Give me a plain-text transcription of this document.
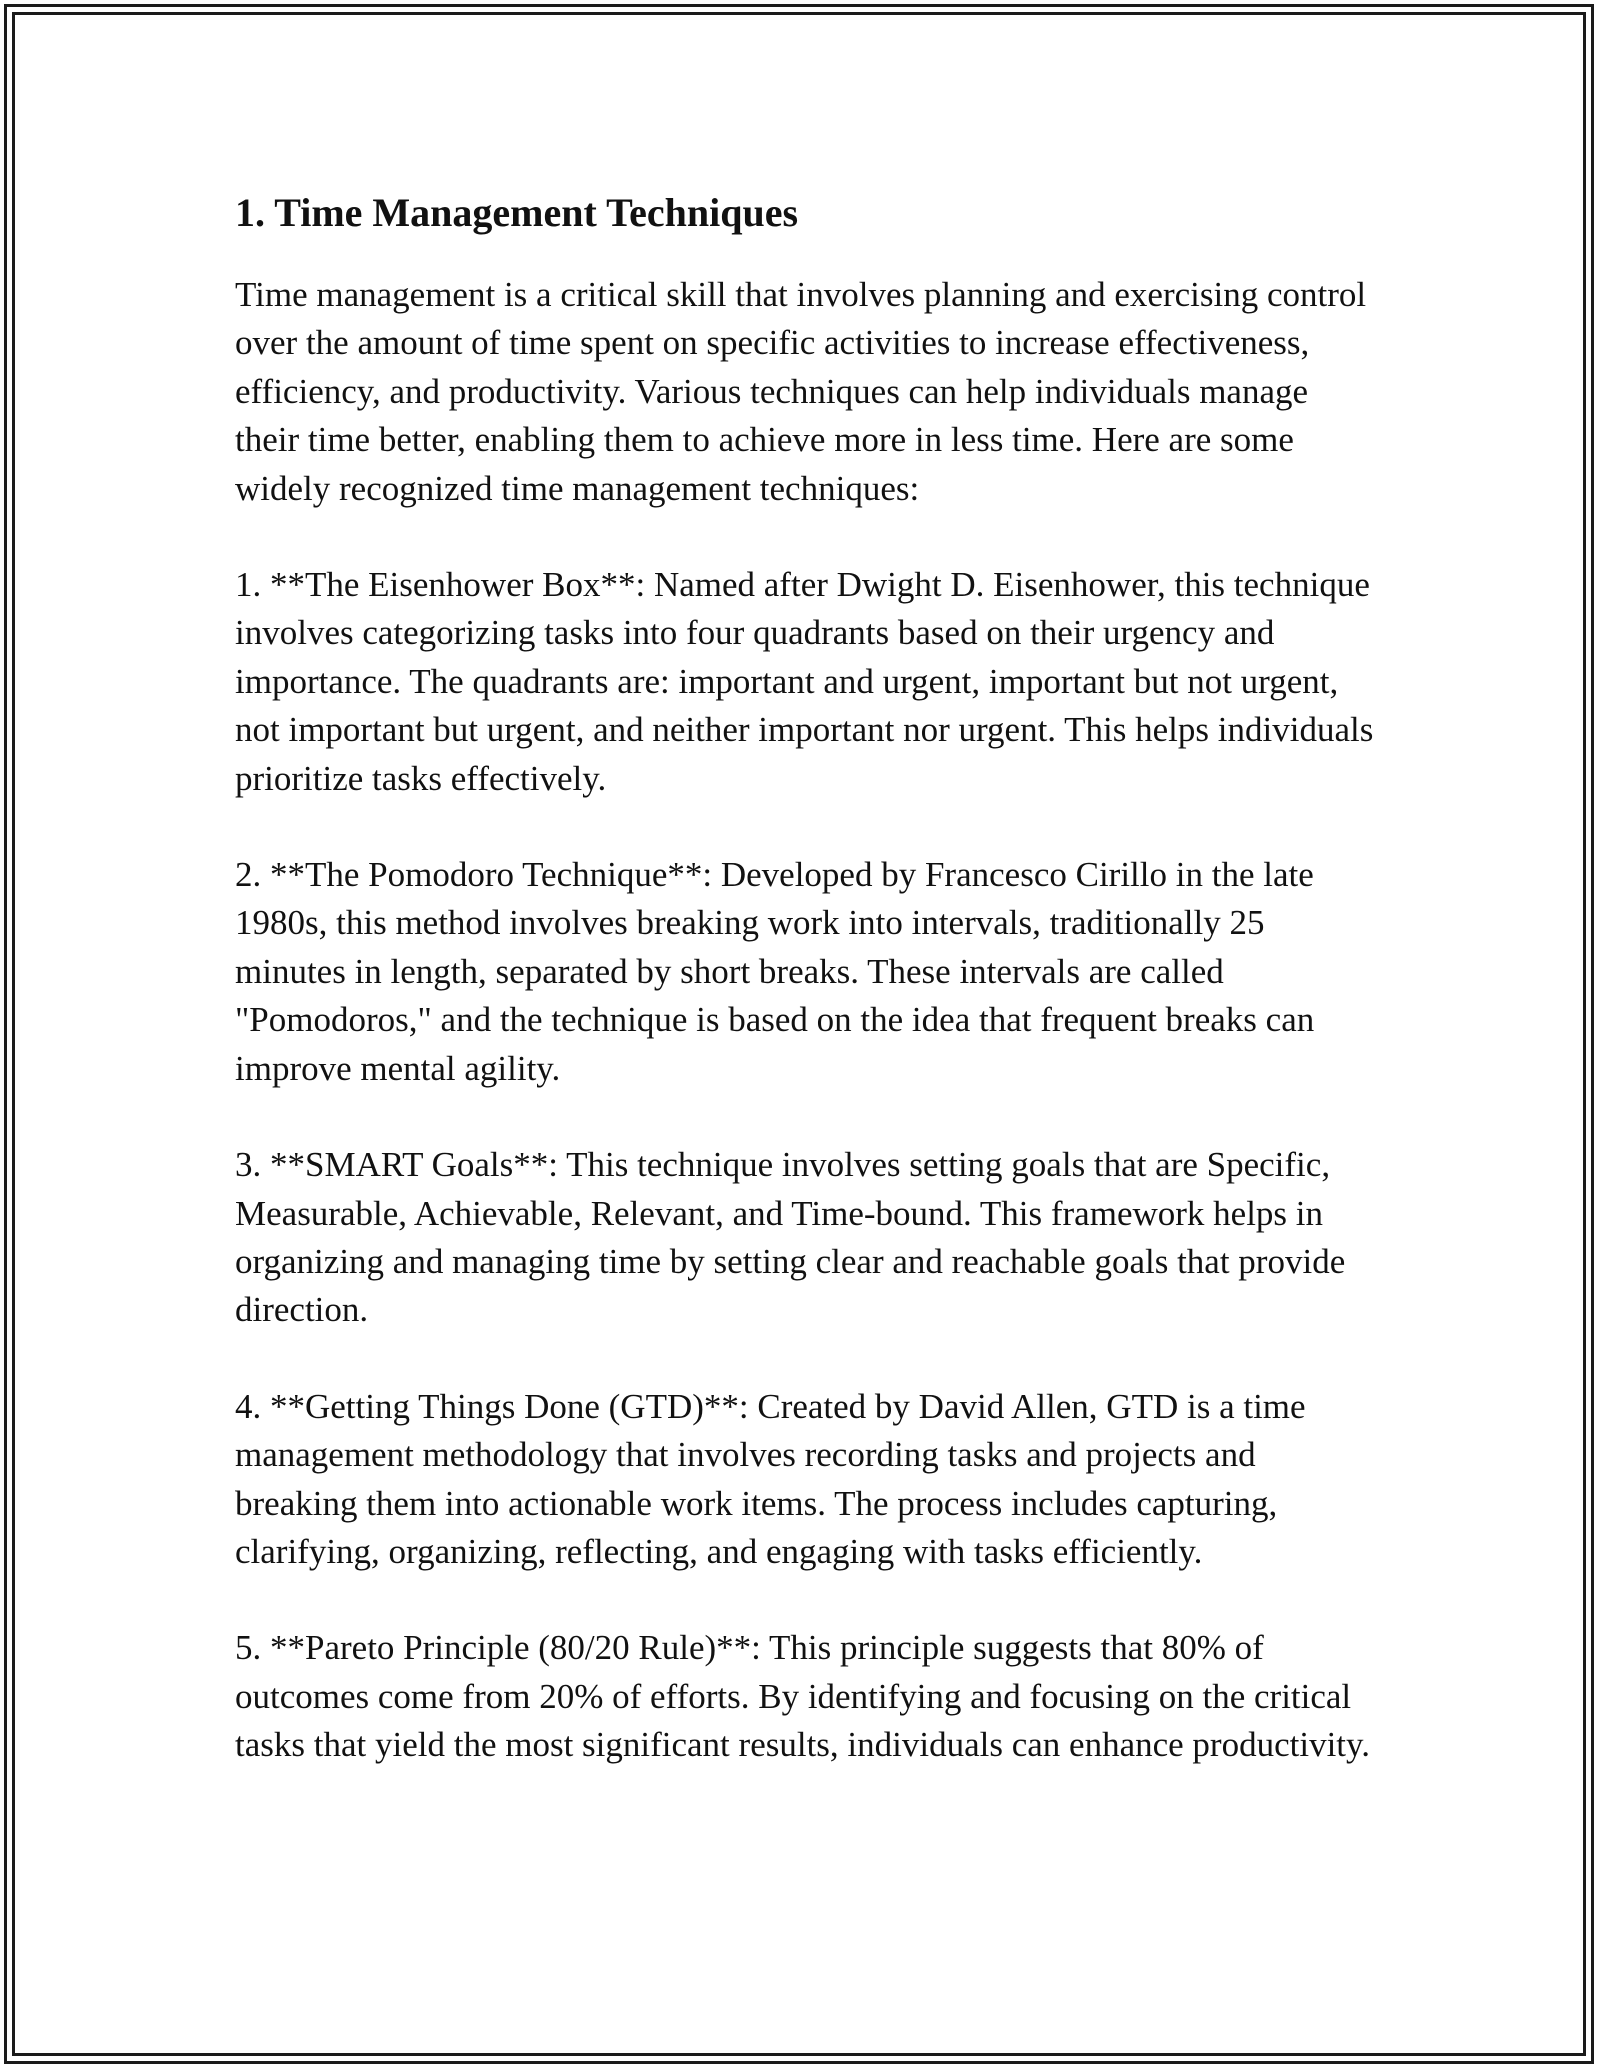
1. Time Management Techniques

Time management is a critical skill that involves planning and exercising control over the amount of time spent on specific activities to increase effectiveness, efficiency, and productivity. Various techniques can help individuals manage their time better, enabling them to achieve more in less time. Here are some widely recognized time management techniques:

1. **The Eisenhower Box**: Named after Dwight D. Eisenhower, this technique involves categorizing tasks into four quadrants based on their urgency and importance. The quadrants are: important and urgent, important but not urgent, not important but urgent, and neither important nor urgent. This helps individuals prioritize tasks effectively.

2. **The Pomodoro Technique**: Developed by Francesco Cirillo in the late 1980s, this method involves breaking work into intervals, traditionally 25 minutes in length, separated by short breaks. These intervals are called "Pomodoros," and the technique is based on the idea that frequent breaks can improve mental agility.

3. **SMART Goals**: This technique involves setting goals that are Specific, Measurable, Achievable, Relevant, and Time-bound. This framework helps in organizing and managing time by setting clear and reachable goals that provide direction.

4. **Getting Things Done (GTD)**: Created by David Allen, GTD is a time management methodology that involves recording tasks and projects and breaking them into actionable work items. The process includes capturing, clarifying, organizing, reflecting, and engaging with tasks efficiently.

5. **Pareto Principle (80/20 Rule)**: This principle suggests that 80% of outcomes come from 20% of efforts. By identifying and focusing on the critical tasks that yield the most significant results, individuals can enhance productivity.
